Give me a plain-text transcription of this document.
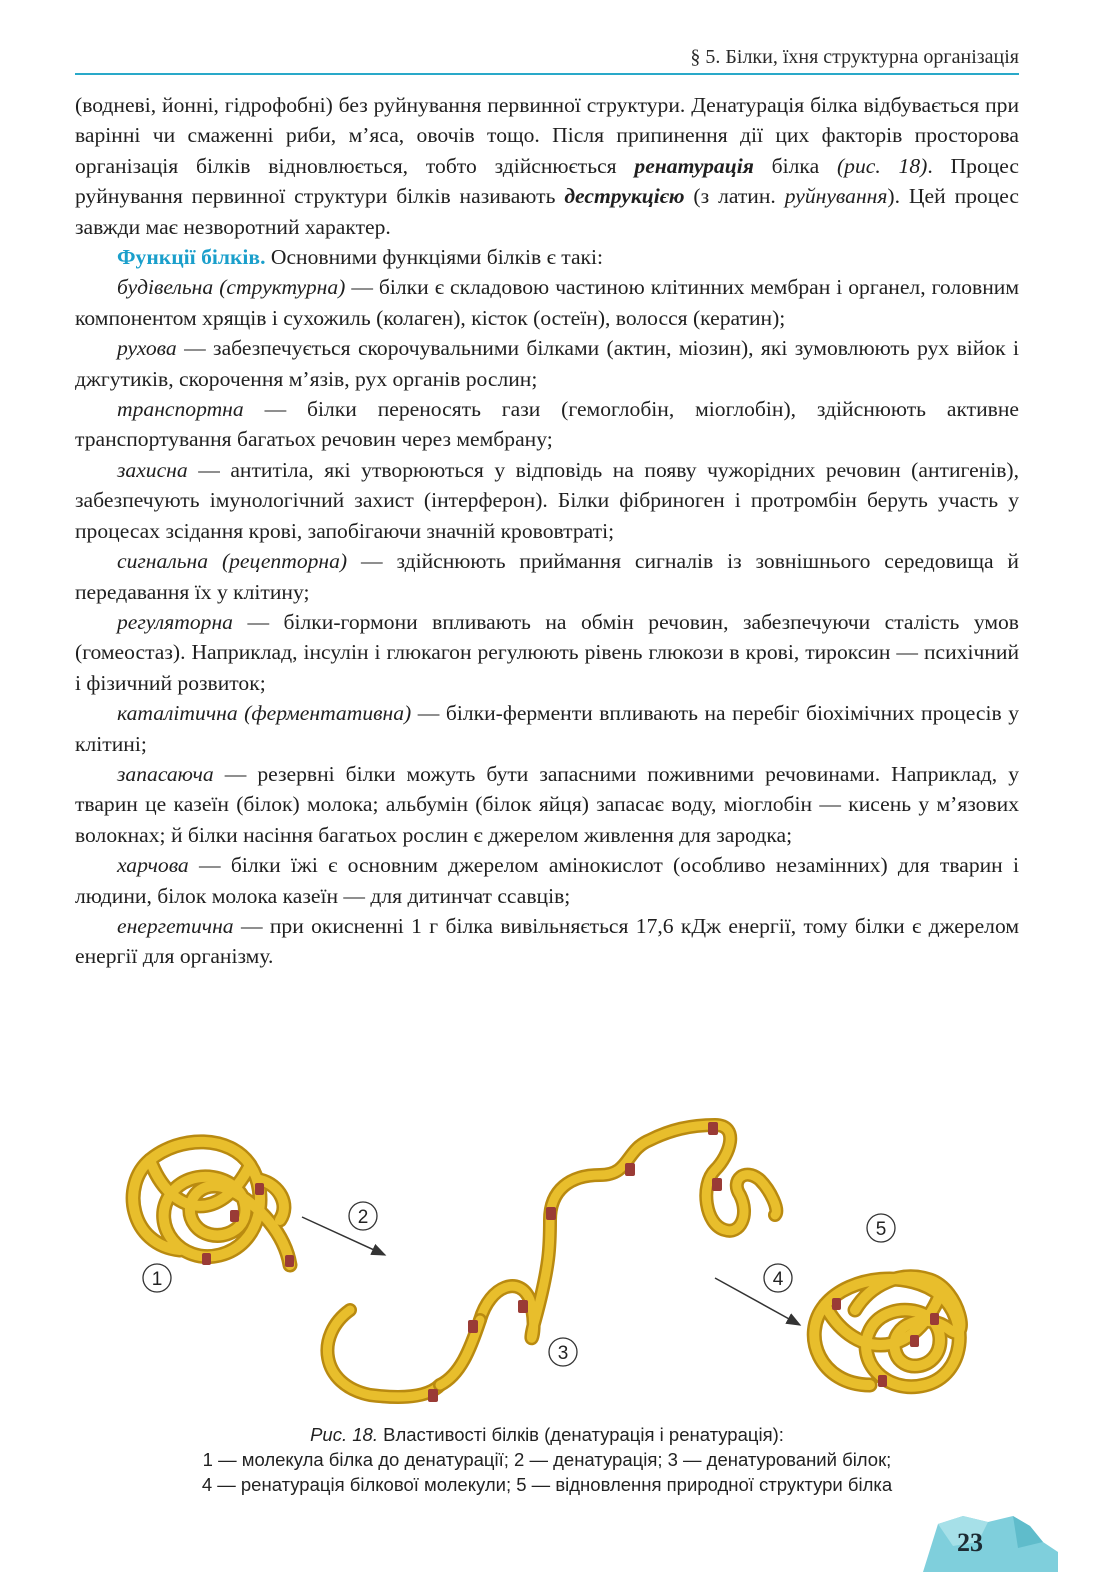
§ 5. Білки, їхня структурна організація

(водневі, йонні, гідрофобні) без руйнування первинної структури. Денатурація білка відбувається при варінні чи смаженні риби, м’яса, овочів тощо. Після припинення дії цих факторів просторова організація білків відновлюється, тобто здійснюється ренатурація білка (рис. 18). Процес руйнування первинної структури білків називають деструкцією (з латин. руйнування). Цей процес завжди має незворотний характер.

Функції білків. Основними функціями білків є такі:

будівельна (структурна) — білки є складовою частиною клітинних мембран і органел, головним компонентом хрящів і сухожиль (колаген), кісток (остеїн), волосся (кератин);

рухова — забезпечується скорочувальними білками (актин, міозин), які зумовлюють рух війок і джгутиків, скорочення м’язів, рух органів рослин;

транспортна — білки переносять гази (гемоглобін, міоглобін), здійснюють активне транспортування багатьох речовин через мембрану;

захисна — антитіла, які утворюються у відповідь на появу чужорідних речовин (антигенів), забезпечують імунологічний захист (інтерферон). Білки фібриноген і протромбін беруть участь у процесах зсідання крові, запобігаючи значній крововтраті;

сигнальна (рецепторна) — здійснюють приймання сигналів із зовнішнього середовища й передавання їх у клітину;

регуляторна — білки-гормони впливають на обмін речовин, забезпечуючи сталість умов (гомеостаз). Наприклад, інсулін і глюкагон регулюють рівень глюкози в крові, тироксин — психічний і фізичний розвиток;

каталітична (ферментативна) — білки-ферменти впливають на перебіг біохімічних процесів у клітині;

запасаюча — резервні білки можуть бути запасними поживними речовинами. Наприклад, у тварин це казеїн (білок) молока; альбумін (білок яйця) запасає воду, міоглобін — кисень у м’язових волокнах; й білки насіння багатьох рослин є джерелом живлення для зародка;

харчова — білки їжі є основним джерелом амінокислот (особливо незамінних) для тварин і людини, білок молока казеїн — для дитинчат ссавців;

енергетична — при окисненні 1 г білка вивільняється 17,6 кДж енергії, тому білки є джерелом енергії для організму.

1
2
3
4
5
Рис. 18. Властивості білків (денатурація і ренатурація):
1 — молекула білка до денатурації; 2 — денатурація; 3 — денатурований білок;
4 — ренатурація білкової молекули; 5 — відновлення природної структури білка
23
